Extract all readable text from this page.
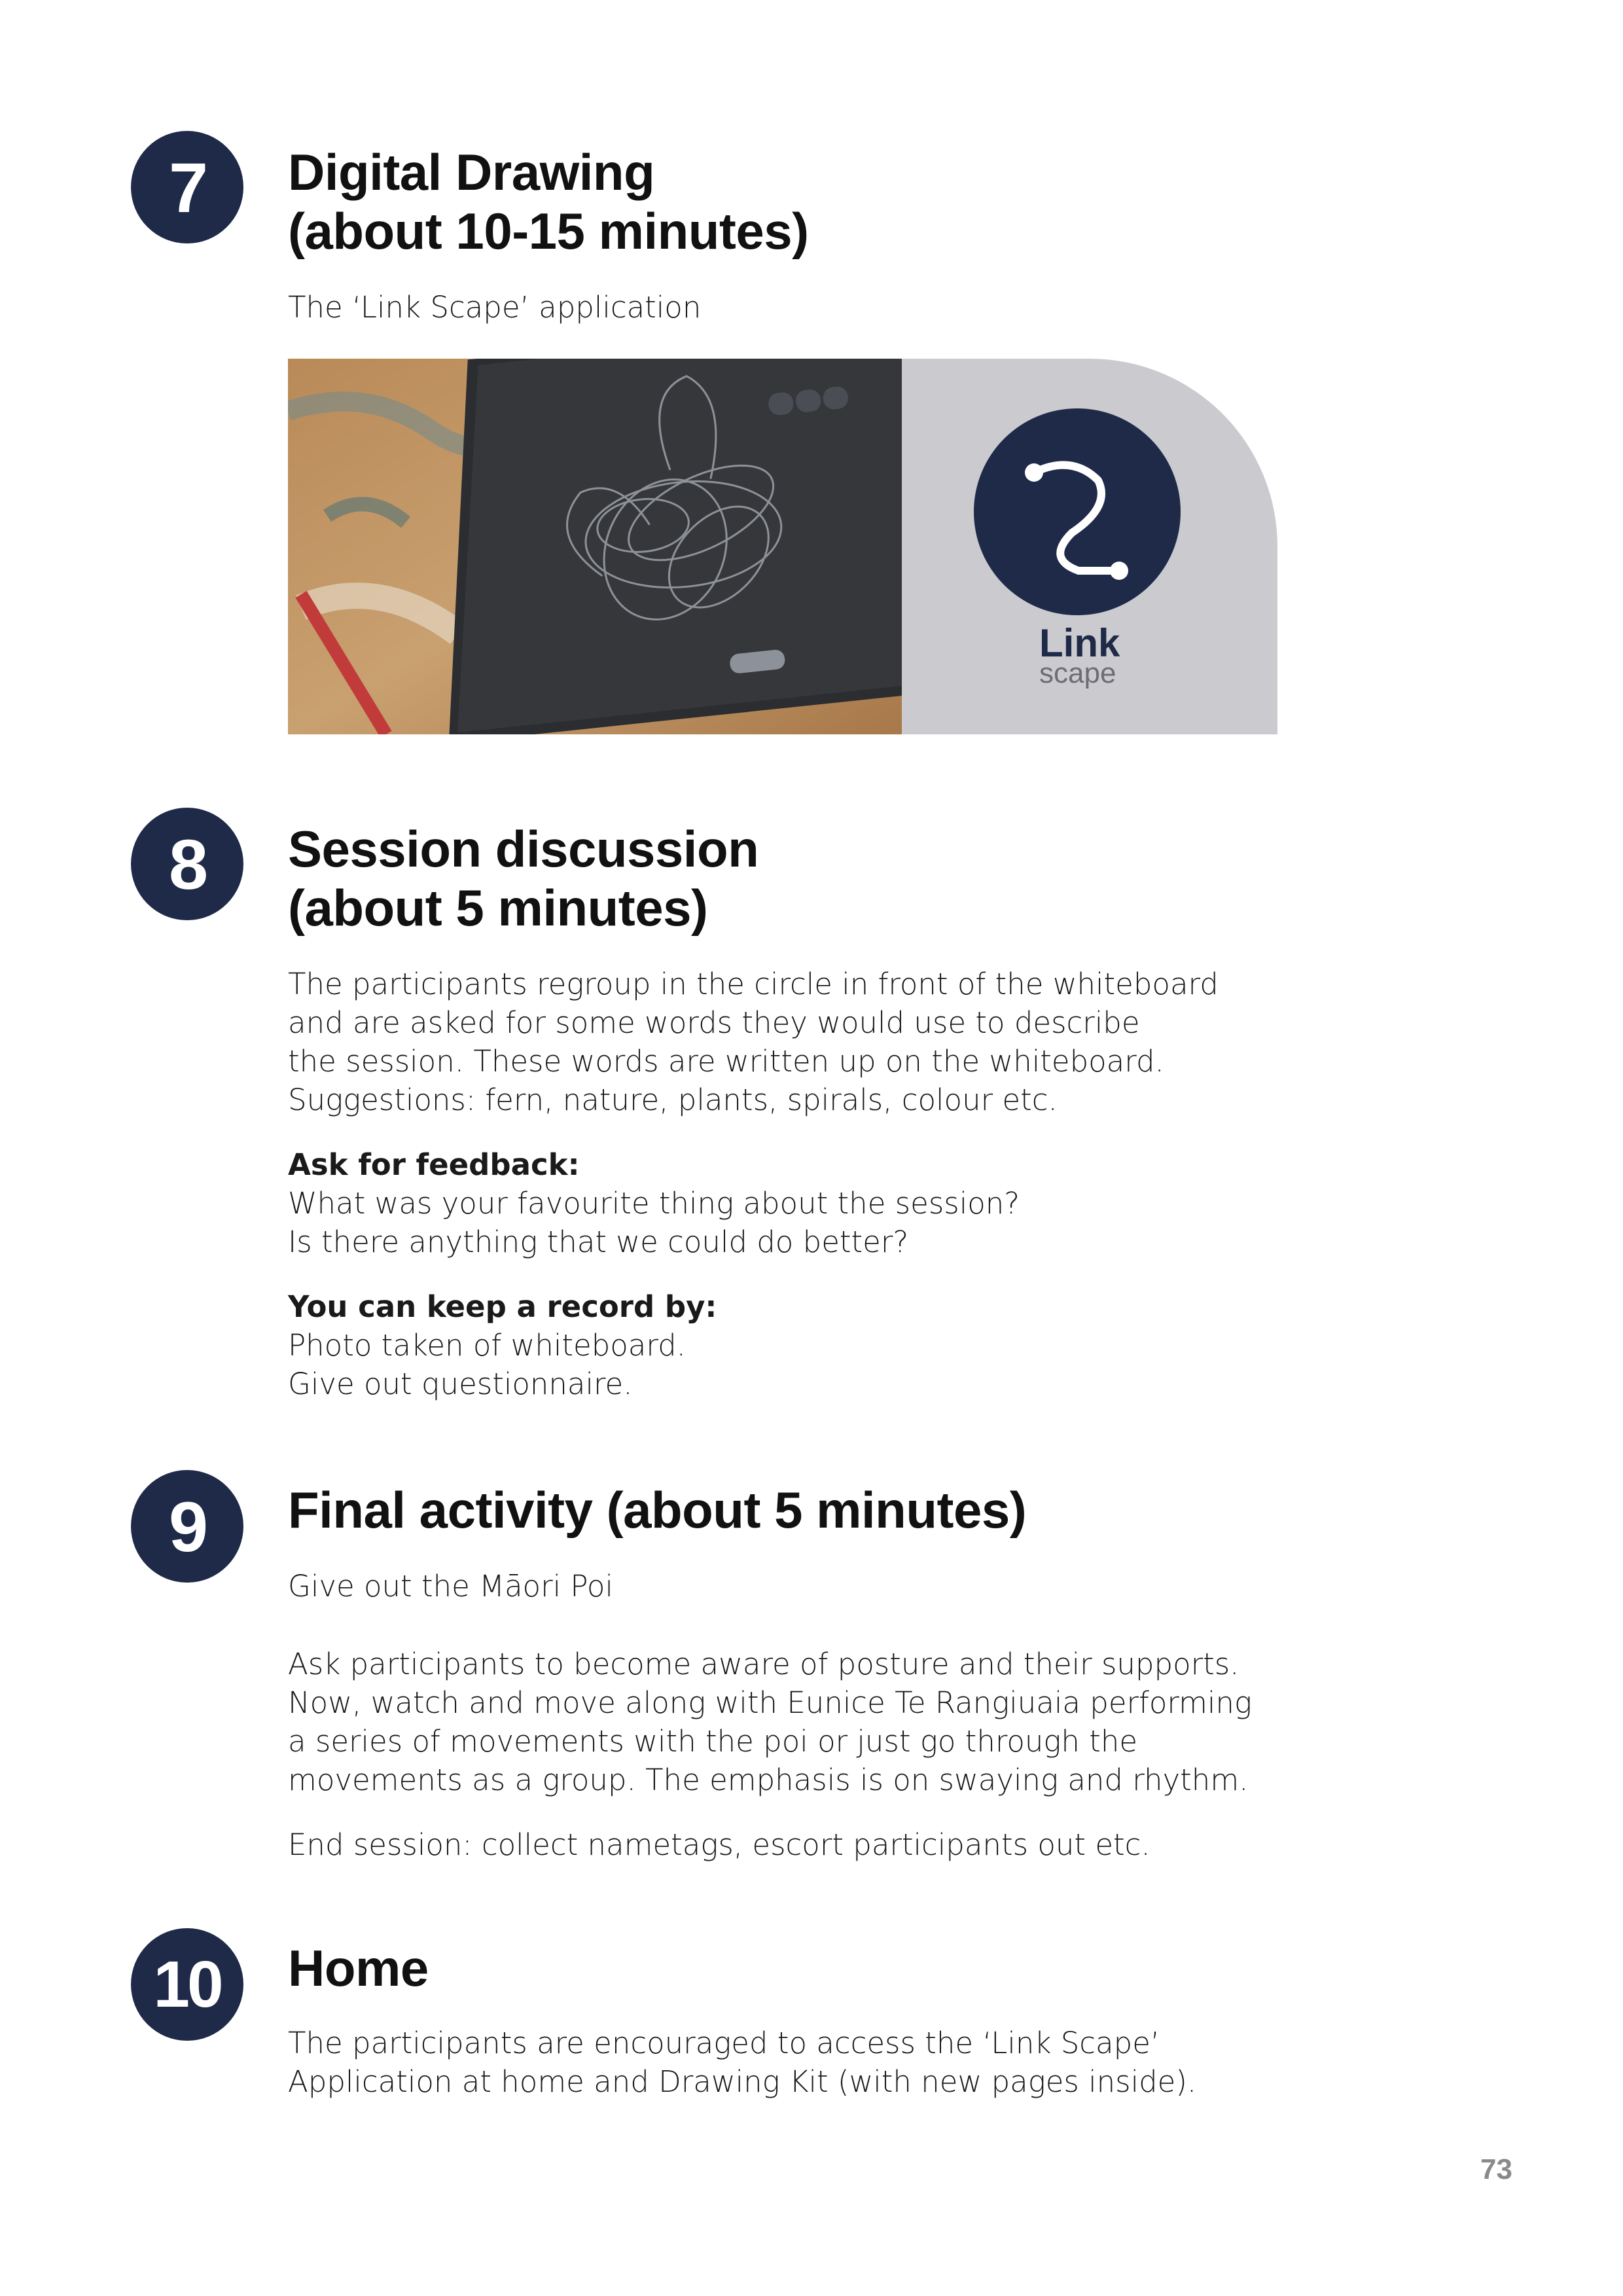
7	Digital Drawing
(about 10-15 minutes)
The ‘Link Scape’ application
Link
scape
8	Session discussion
(about 5 minutes)

The participants regroup in the circle in front of the whiteboard
and are asked for some words they would use to describe
the session. These words are written up on the whiteboard.
Suggestions: fern, nature, plants, spirals, colour etc.

Ask for feedback:
What was your favourite thing about the session?
Is there anything that we could do better?

You can keep a record by:
Photo taken of whiteboard.
Give out questionnaire.

9	Final activity (about 5 minutes)

Give out the Māori Poi

Ask participants to become aware of posture and their supports.
Now, watch and move along with Eunice Te Rangiuaia performing
a series of movements with the poi or just go through the
movements as a group. The emphasis is on swaying and rhythm.

End session: collect nametags, escort participants out etc.

10	Home

The participants are encouraged to access the ‘Link Scape’
Application at home and Drawing Kit (with new pages inside).

73
